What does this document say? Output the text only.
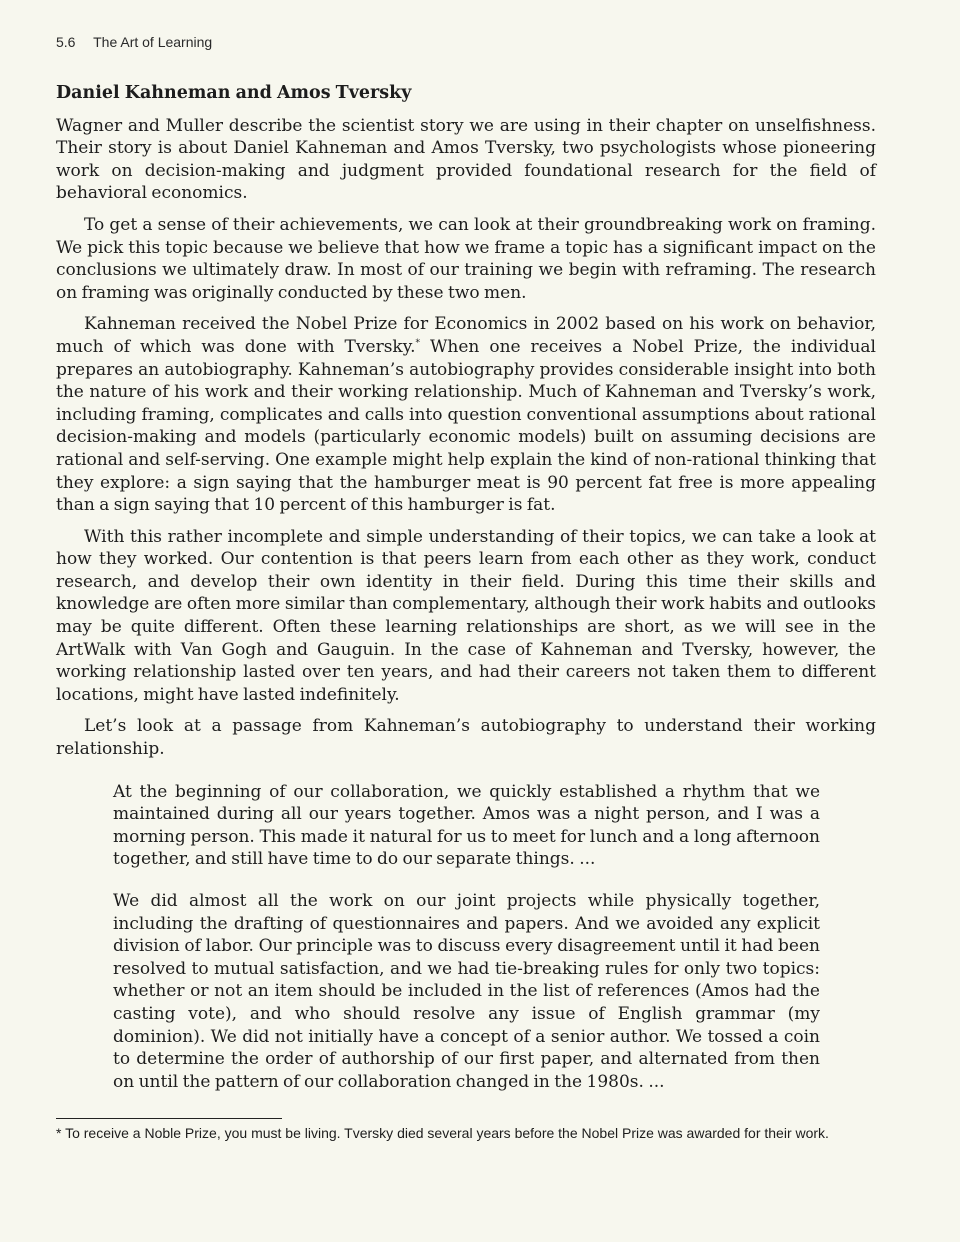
5.6 The Art of Learning
Daniel Kahneman and Amos Tversky

Wagner and Muller describe the scientist story we are using in their chapter on unselfishness. Their story is about Daniel Kahneman and Amos Tversky, two psychologists whose pioneering work on decision-making and judgment provided foundational research for the field of behavioral economics.

To get a sense of their achievements, we can look at their groundbreaking work on framing. We pick this topic because we believe that how we frame a topic has a significant impact on the conclusions we ultimately draw. In most of our training we begin with reframing. The research on framing was originally conducted by these two men.

Kahneman received the Nobel Prize for Economics in 2002 based on his work on behavior, much of which was done with Tversky.* When one receives a Nobel Prize, the individual prepares an autobiography. Kahneman’s autobiography provides considerable insight into both the nature of his work and their working relationship. Much of Kahneman and Tversky’s work, including framing, complicates and calls into question conventional assumptions about rational decision-making and models (particularly economic models) built on assuming decisions are rational and self-serving. One example might help explain the kind of non-rational thinking that they explore: a sign saying that the hamburger meat is 90 percent fat free is more appealing than a sign saying that 10 percent of this hamburger is fat.

With this rather incomplete and simple understanding of their topics, we can take a look at how they worked. Our contention is that peers learn from each other as they work, conduct research, and develop their own identity in their field. During this time their skills and knowledge are often more similar than complementary, although their work habits and outlooks may be quite different. Often these learning relationships are short, as we will see in the ArtWalk with Van Gogh and Gauguin. In the case of Kahneman and Tversky, however, the working relationship lasted over ten years, and had their careers not taken them to different locations, might have lasted indefinitely.

Let’s look at a passage from Kahneman’s autobiography to understand their working relationship.

At the beginning of our collaboration, we quickly established a rhythm that we maintained during all our years together. Amos was a night person, and I was a morning person. This made it natural for us to meet for lunch and a long afternoon together, and still have time to do our separate things. ...

We did almost all the work on our joint projects while physically together, including the drafting of questionnaires and papers. And we avoided any explicit division of labor. Our principle was to discuss every disagreement until it had been resolved to mutual satisfaction, and we had tie-breaking rules for only two topics: whether or not an item should be included in the list of references (Amos had the casting vote), and who should resolve any issue of English grammar (my dominion). We did not initially have a concept of a senior author. We tossed a coin to determine the order of authorship of our first paper, and alternated from then on until the pattern of our collaboration changed in the 1980s. ...

* To receive a Noble Prize, you must be living. Tversky died several years before the Nobel Prize was awarded for their work.
